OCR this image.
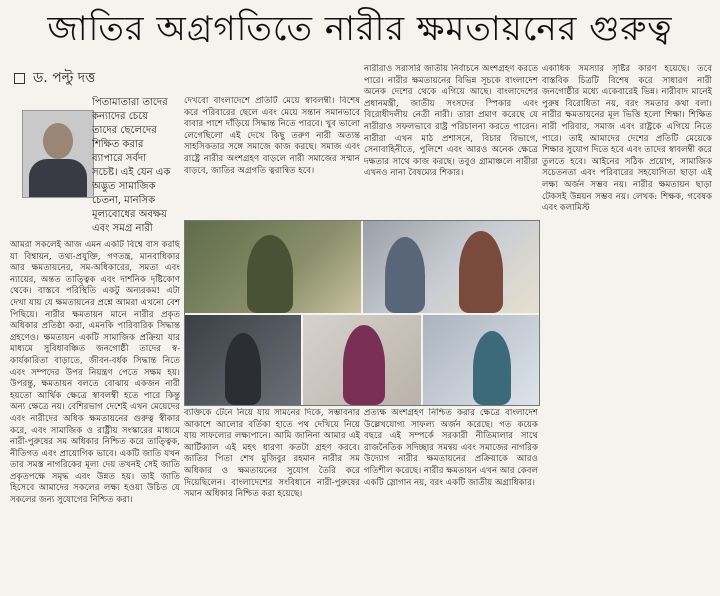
জাতির অগ্রগতিতে নারীর ক্ষমতায়নের গুরুত্ব
ড. পল্টু দত্ত
পিতামাতারা তাদের কন্যাদের চেয়ে তাদের ছেলেদের শিক্ষিত করার ব্যাপারে সর্বদা সচেষ্ট। এই যেন এক অদ্ভুত সামাজিক চেতনা, মানসিক মূল্যবোধের অবক্ষয় এবং সমগ্র নারী

আমরা সকলেই আজ এমন একটি বিশ্বে বাস করছি যা বিশ্বায়ন, তথ্য-প্রযুক্তি, গণতন্ত্র, মানবাধিকার আর ক্ষমতায়নের, সম-অধিকারের, সমতা এবং ন্যায়ের, অন্তত তাত্ত্বিক এবং দার্শনিক দৃষ্টিকোণ থেকে। বাস্তবে পরিস্থিতি একটু অন্যরকম! এটা দেখা যায় যে ক্ষমতায়নের প্রশ্নে আমরা এখনো বেশ পিছিয়ে। নারীর ক্ষমতায়ন মানে নারীর প্রকৃত অধিকার প্রতিষ্ঠা করা, এমনকি পারিবারিক সিদ্ধান্ত গ্রহণেও। ক্ষমতায়ন একটি সামাজিক প্রক্রিয়া যার মাধ্যমে সুবিধাবঞ্চিত জনগোষ্ঠী তাদের স্ব-কার্যকারিতা বাড়াতে, জীবন-বর্ধক সিদ্ধান্ত নিতে এবং সম্পদের উপর নিয়ন্ত্রণ পেতে সক্ষম হয়। উপরন্তু, ক্ষমতায়ন বলতে বোঝায় একজন নারী হয়তো আর্থিক ক্ষেত্রে স্বাবলম্বী হতে পারে কিন্তু অন্য ক্ষেত্রে নয়। বেশিরভাগ দেশেই এখন মেয়েদের এবং নারীদের অধিক ক্ষমতায়নের গুরুত্ব স্বীকার করে, এবং সামাজিক ও রাষ্ট্রীয় সংস্কারের মাধ্যমে নারী-পুরুষের সম অধিকার নিশ্চিত করে তাত্ত্বিক, নীতিগত এবং প্রায়োগিক ভাবে। একটি জাতি যখন তার সমস্ত নাগরিকের মূল্য দেয় তখনই সেই জাতি প্রকৃতপক্ষে সমৃদ্ধ এবং উন্নত হয়। তাই জাতি হিসেবে আমাদের সকলের লক্ষ্য হওয়া উচিত যে সকলের জন্য সুযোগের নিশ্চিত করা।

দেখবো বাংলাদেশে প্রতিটি মেয়ে স্বাবলম্বী। বিশেষ করে পরিবারের ছেলে এবং মেয়ে সন্তান সমানভাবে বাবার পাশে দাঁড়িয়ে সিদ্ধান্ত নিতে পারবে। খুব ভালো লেগেছিলো এই দেখে কিছু তরুণ নারী অত্যন্ত সাহসিকতার সঙ্গে সমাজে কাজ করছে। সমাজ এবং রাষ্ট্রে নারীর অংশগ্রহণ বাড়লে নারী সমাজের সম্মান বাড়বে, জাতির অগ্রগতি ত্বরান্বিত হবে।

নারীরাও সরাসরি জাতীয় নির্বাচনে অংশগ্রহণ করতে পারে। নারীর ক্ষমতায়নের বিভিন্ন সূচকে বাংলাদেশ অনেক দেশের থেকে এগিয়ে আছে। বাংলাদেশের প্রধানমন্ত্রী, জাতীয় সংসদের স্পিকার এবং বিরোধীদলীয় নেত্রী নারী। তারা প্রমাণ করেছে যে নারীরাও সফলভাবে রাষ্ট্র পরিচালনা করতে পারেন। নারীরা এখন মাঠ প্রশাসনে, বিচার বিভাগে, সেনাবাহিনীতে, পুলিশে এবং আরও অনেক ক্ষেত্রে দক্ষতার সাথে কাজ করছে। তবুও গ্রামাঞ্চলে নারীরা এখনও নানা বৈষম্যের শিকার।

একাধিক সমস্যার সৃষ্টির কারণ হয়েছে। তবে বাস্তবিক চিত্রটি বিশেষ করে সাধারণ নারী জনগোষ্ঠীর মধ্যে একেবারেই ভিন্ন। নারীবাদ মানেই পুরুষ বিরোধিতা নয়, বরং সমতার কথা বলা। নারীর ক্ষমতায়নের মূল ভিত্তি হলো শিক্ষা। শিক্ষিত নারী পরিবার, সমাজ এবং রাষ্ট্রকে এগিয়ে নিতে পারে। তাই আমাদের দেশের প্রতিটি মেয়েকে শিক্ষার সুযোগ দিতে হবে এবং তাদের স্বাবলম্বী করে তুলতে হবে। আইনের সঠিক প্রয়োগ, সামাজিক সচেতনতা এবং পরিবারের সহযোগিতা ছাড়া এই লক্ষ্য অর্জন সম্ভব নয়। নারীর ক্ষমতায়ন ছাড়া টেকসই উন্নয়ন সম্ভব নয়। লেখক: শিক্ষক, গবেষক এবং কলামিস্ট

ব্যক্তিকে টেনে নিয়ে যায় সামনের দিকে, সম্ভাবনার আকাশে আলোর বর্তিকা হাতে পথ দেখিয়ে নিয়ে যায় সাফল্যের লক্ষ্যপানে। আমি জানিনা আমার এই আর্টিক্যাল এই মহৎ ধারণা কতটা গ্রহণ করবে। জাতির পিতা শেখ মুজিবুর রহমান নারীর সম অধিকার ও ক্ষমতায়নের সুযোগ তৈরি করে দিয়েছিলেন। বাংলাদেশের সংবিধানে নারী-পুরুষের সমান অধিকার নিশ্চিত করা হয়েছে।

প্রত্যক্ষ অংশগ্রহণ নিশ্চিত করার ক্ষেত্রে বাংলাদেশ উল্লেখযোগ্য সাফল্য অর্জন করেছে। গত কয়েক বছরে এই সম্পর্কে সরকারী নীতিমালার সাথে রাজনৈতিক সদিচ্ছার সমন্বয় এবং সমাজের নাগরিক উদ্যোগ নারীর ক্ষমতায়নের প্রক্রিয়াকে আরও গতিশীল করেছে। নারীর ক্ষমতায়ন এখন আর কেবল একটি স্লোগান নয়, বরং একটি জাতীয় অগ্রাধিকার।
